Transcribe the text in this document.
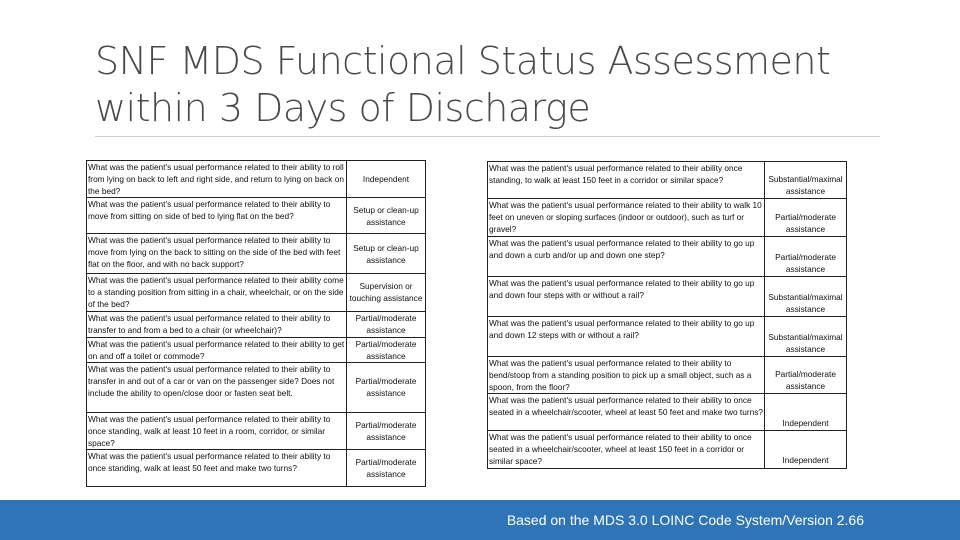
SNF MDS Functional Status Assessment
within 3 Days of Discharge
What was the patient's usual performance related to their ability to roll from lying on back to left and right side, and return to lying on back on the bed?	Independent
What was the patient's usual performance related to their ability to move from sitting on side of bed to lying flat on the bed?	Setup or clean-up assistance
What was the patient's usual performance related to their ability to move from lying on the back to sitting on the side of the bed with feet flat on the floor, and with no back support?	Setup or clean-up assistance
What was the patient's usual performance related to their ability come to a standing position from sitting in a chair, wheelchair, or on the side of the bed?	Supervision or touching assistance
What was the patient's usual performance related to their ability to transfer to and from a bed to a chair (or wheelchair)?	Partial/moderate assistance
What was the patient's usual performance related to their ability to get on and off a toilet or commode?	Partial/moderate assistance
What was the patient's usual performance related to their ability to transfer in and out of a car or van on the passenger side? Does not include the ability to open/close door or fasten seat belt.	Partial/moderate assistance
What was the patient's usual performance related to their ability to once standing, walk at least 10 feet in a room, corridor, or similar space?	Partial/moderate assistance
What was the patient's usual performance related to their ability to once standing, walk at least 50 feet and make two turns?	Partial/moderate assistance
What was the patient's usual performance related to their ability once standing, to walk at least 150 feet in a corridor or similar space?	Substantial/maximal assistance
What was the patient's usual performance related to their ability to walk 10 feet on uneven or sloping surfaces (indoor or outdoor), such as turf or gravel?	Partial/moderate assistance
What was the patient's usual performance related to their ability to go up and down a curb and/or up and down one step?	Partial/moderate assistance
What was the patient's usual performance related to their ability to go up and down four steps with or without a rail?	Substantial/maximal assistance
What was the patient's usual performance related to their ability to go up and down 12 steps with or without a rail?	Substantial/maximal assistance
What was the patient's usual performance related to their ability to bend/stoop from a standing position to pick up a small object, such as a spoon, from the floor?	Partial/moderate assistance
What was the patient's usual performance related to their ability to once seated in a wheelchair/scooter, wheel at least 50 feet and make two turns?	Independent
What was the patient's usual performance related to their ability to once seated in a wheelchair/scooter, wheel at least 150 feet in a corridor or similar space?	Independent
Based on the MDS 3.0 LOINC Code System/Version 2.66
